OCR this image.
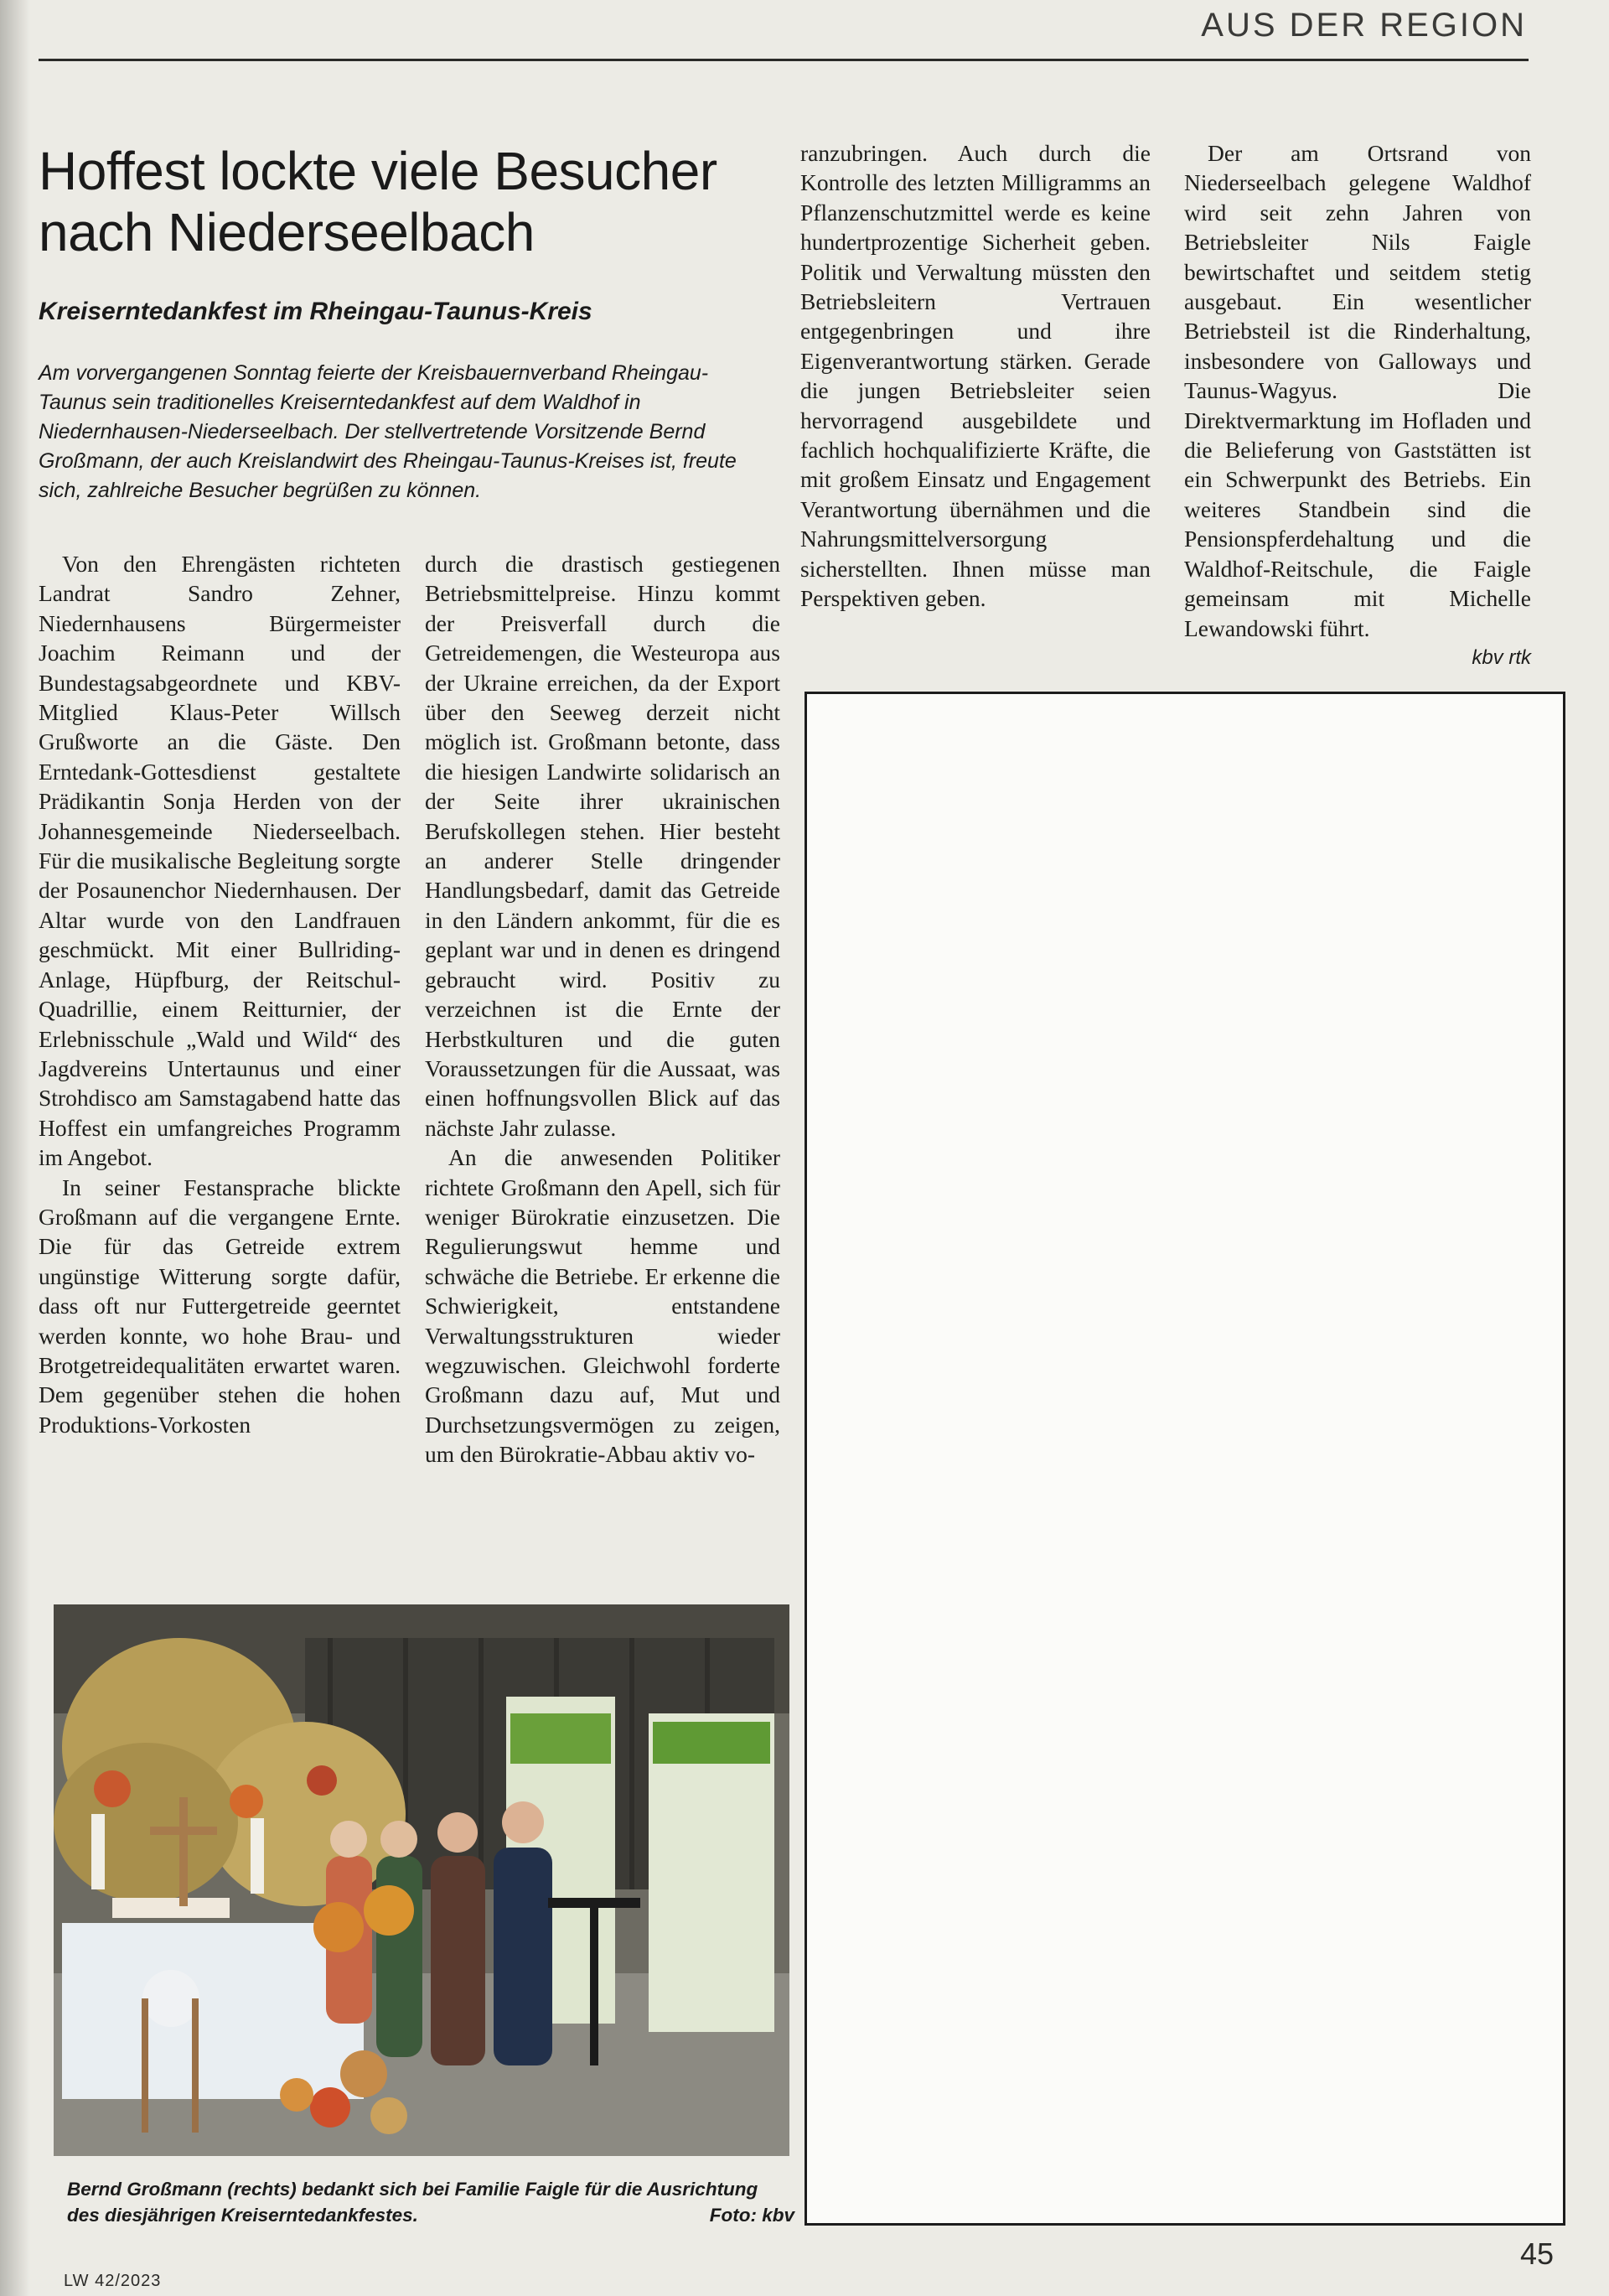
AUS DER REGION
Hoffest lockte viele Besucher nach Niederseelbach
Kreiserntedankfest im Rheingau-Taunus-Kreis

Am vorvergangenen Sonntag feierte der Kreisbauernverband Rheingau-Taunus sein traditionelles Kreiserntedankfest auf dem Waldhof in Niedernhausen-Niederseelbach. Der stellvertretende Vorsitzende Bernd Großmann, der auch Kreislandwirt des Rheingau-Taunus-Kreises ist, freute sich, zahlreiche Besucher begrüßen zu können.

Von den Ehrengästen richteten Landrat Sandro Zehner, Niedernhausens Bürgermeister Joachim Reimann und der Bundestagsabgeordnete und KBV-Mitglied Klaus-Peter Willsch Grußworte an die Gäste. Den Erntedank-Gottesdienst gestaltete Prädikantin Sonja Herden von der Johannesgemeinde Niederseelbach. Für die musikalische Begleitung sorgte der Posaunenchor Niedernhausen. Der Altar wurde von den Landfrauen geschmückt. Mit einer Bullriding-Anlage, Hüpfburg, der Reitschul-Quadrillie, einem Reitturnier, der Erlebnisschule „Wald und Wild“ des Jagdvereins Untertaunus und einer Strohdisco am Samstagabend hatte das Hoffest ein umfangreiches Programm im Angebot.

In seiner Festansprache blickte Großmann auf die vergangene Ernte. Die für das Getreide extrem ungünstige Witterung sorgte dafür, dass oft nur Futtergetreide geerntet werden konnte, wo hohe Brau- und Brotgetreidequalitäten erwartet waren. Dem gegenüber stehen die hohen Produktions-Vorkosten

durch die drastisch gestiegenen Betriebsmittelpreise. Hinzu kommt der Preisverfall durch die Getreidemengen, die Westeuropa aus der Ukraine erreichen, da der Export über den Seeweg derzeit nicht möglich ist. Großmann betonte, dass die hiesigen Landwirte solidarisch an der Seite ihrer ukrainischen Berufskollegen stehen. Hier besteht an anderer Stelle dringender Handlungsbedarf, damit das Getreide in den Ländern ankommt, für die es geplant war und in denen es dringend gebraucht wird. Positiv zu verzeichnen ist die Ernte der Herbstkulturen und die guten Voraussetzungen für die Aussaat, was einen hoffnungsvollen Blick auf das nächste Jahr zulasse.

An die anwesenden Politiker richtete Großmann den Apell, sich für weniger Bürokratie einzusetzen. Die Regulierungswut hemme und schwäche die Betriebe. Er erkenne die Schwierigkeit, entstandene Verwaltungsstrukturen wieder wegzuwischen. Gleichwohl forderte Großmann dazu auf, Mut und Durchsetzungsvermögen zu zeigen, um den Bürokratie-Abbau aktiv vo-

ranzubringen. Auch durch die Kontrolle des letzten Milligramms an Pflanzenschutzmittel werde es keine hundertprozentige Sicherheit geben. Politik und Verwaltung müssten den Betriebsleitern Vertrauen entgegenbringen und ihre Eigenverantwortung stärken. Gerade die jungen Betriebsleiter seien hervorragend ausgebildete und fachlich hochqualifizierte Kräfte, die mit großem Einsatz und Engagement Verantwortung übernähmen und die Nahrungsmittelversorgung sicherstellten. Ihnen müsse man Perspektiven geben.

Der am Ortsrand von Niederseelbach gelegene Waldhof wird seit zehn Jahren von Betriebsleiter Nils Faigle bewirtschaftet und seitdem stetig ausgebaut. Ein wesentlicher Betriebsteil ist die Rinderhaltung, insbesondere von Galloways und Taunus-Wagyus. Die Direktvermarktung im Hofladen und die Belieferung von Gaststätten ist ein Schwerpunkt des Betriebs. Ein weiteres Standbein sind die Pensionspferdehaltung und die Waldhof-Reitschule, die Faigle gemeinsam mit Michelle Lewandowski führt.

kbv rtk

Bernd Großmann (rechts) bedankt sich bei Familie Faigle für die Ausrichtung des diesjährigen Kreiserntedankfestes.	Foto: kbv

45
LW 42/2023
